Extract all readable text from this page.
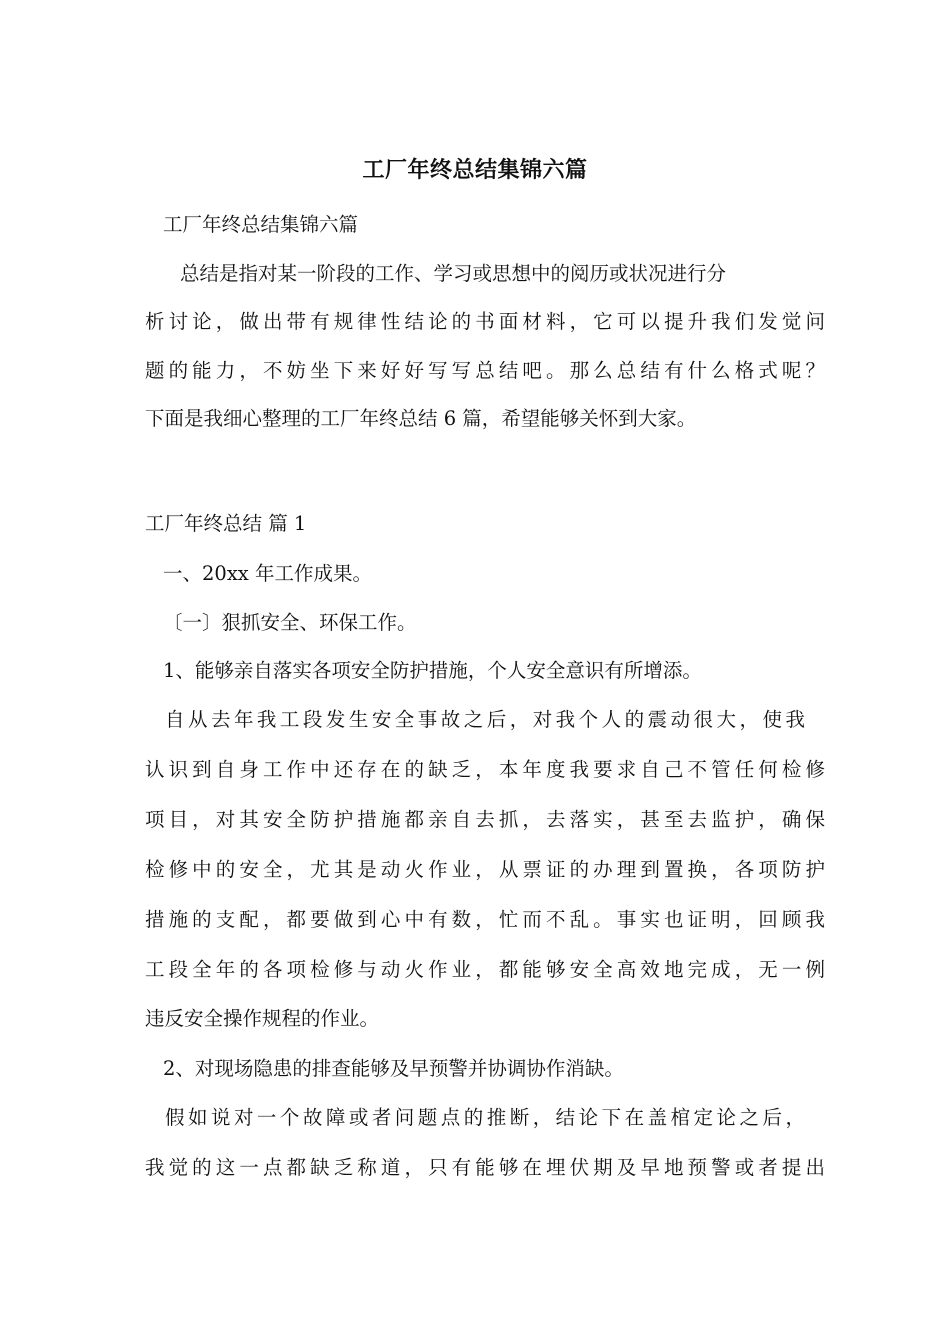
工厂年终总结集锦六篇
工厂年终总结集锦六篇
总结是指对某一阶段的工作、学习或思想中的阅历或状况进行分
析讨论，做出带有规律性结论的书面材料，它可以提升我们发觉问
题的能力，不妨坐下来好好写写总结吧。那么总结有什么格式呢？
下面是我细心整理的工厂年终总结 6 篇，希望能够关怀到大家。
工厂年终总结 篇 1
一、20xx 年工作成果。
〔一〕狠抓安全、环保工作。
1、能够亲自落实各项安全防护措施，个人安全意识有所增添。
自从去年我工段发生安全事故之后，对我个人的震动很大，使我
认识到自身工作中还存在的缺乏，本年度我要求自己不管任何检修
项目，对其安全防护措施都亲自去抓，去落实，甚至去监护，确保
检修中的安全，尤其是动火作业，从票证的办理到置换，各项防护
措施的支配，都要做到心中有数，忙而不乱。事实也证明，回顾我
工段全年的各项检修与动火作业，都能够安全高效地完成，无一例
违反安全操作规程的作业。
2、对现场隐患的排查能够及早预警并协调协作消缺。
假如说对一个故障或者问题点的推断，结论下在盖棺定论之后，
我觉的这一点都缺乏称道，只有能够在埋伏期及早地预警或者提出
